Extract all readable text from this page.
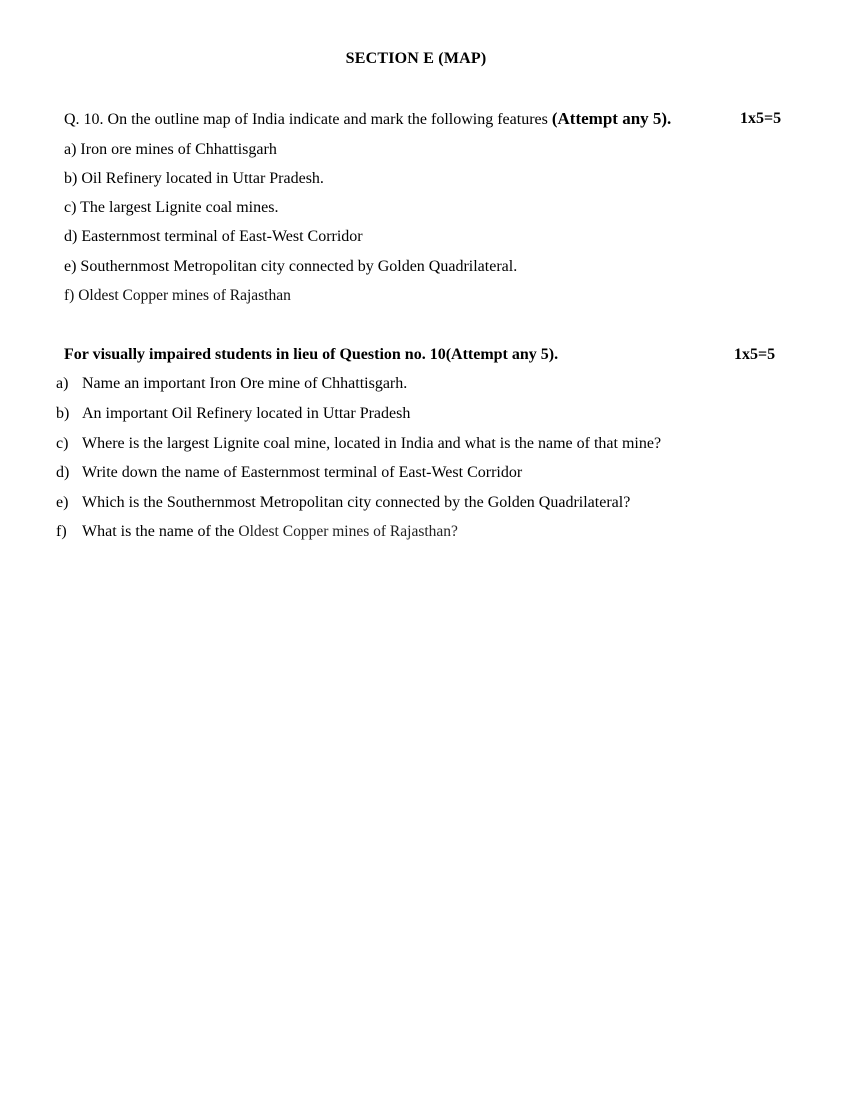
SECTION E (MAP)
Q. 10. On the outline map of India indicate and mark the following features (Attempt any 5).	1x5=5
a) Iron ore mines of Chhattisgarh
b) Oil Refinery located in Uttar Pradesh.
c) The largest Lignite coal mines.
d) Easternmost terminal of East-West Corridor
e) Southernmost Metropolitan city connected by Golden Quadrilateral.
f) Oldest Copper mines of Rajasthan
For visually impaired students in lieu of Question no. 10(Attempt any 5).	1x5=5
a) Name an important Iron Ore mine of Chhattisgarh.
b) An important Oil Refinery located in Uttar Pradesh
c) Where is the largest Lignite coal mine, located in India and what is the name of that mine?
d) Write down the name of Easternmost terminal of East-West Corridor
e) Which is the Southernmost Metropolitan city connected by the Golden Quadrilateral?
f) What is the name of the Oldest Copper mines of Rajasthan?
